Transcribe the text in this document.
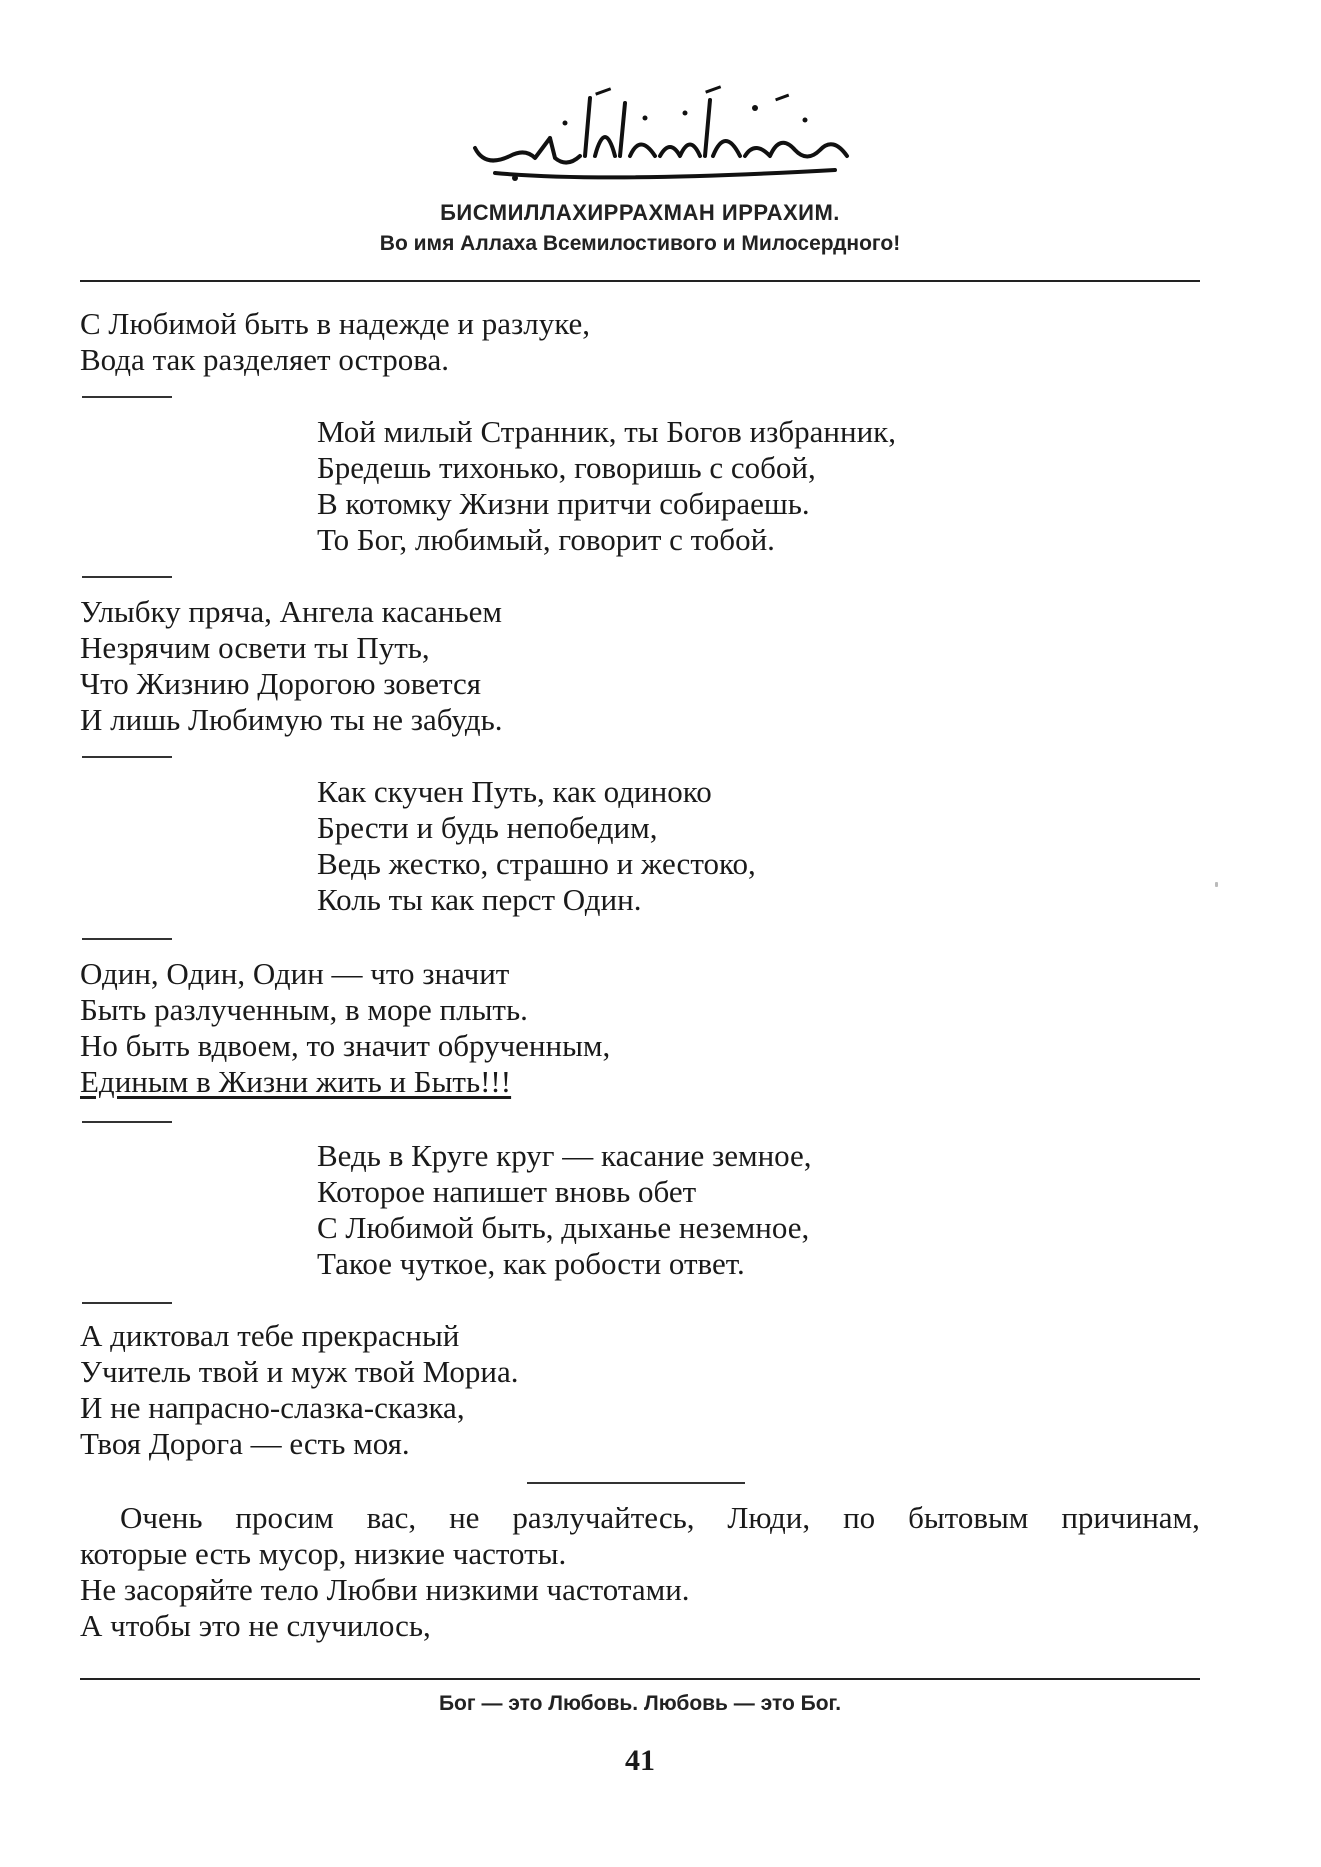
БИСМИЛЛАХИРРАХМАН ИРРАХИМ.
Во имя Аллаха Всемилостивого и Милосердного!
С Любимой быть в надежде и разлуке,
Вода так разделяет острова.
Мой милый Странник, ты Богов избранник,
Бредешь тихонько, говоришь с собой,
В котомку Жизни притчи собираешь.
То Бог, любимый, говорит с тобой.
Улыбку пряча, Ангела касаньем
Незрячим освети ты Путь,
Что Жизнию Дорогою зовется
И лишь Любимую ты не забудь.
Как скучен Путь, как одиноко
Брести и будь непобедим,
Ведь жестко, страшно и жестоко,
Коль ты как перст Один.
Один, Один, Один — что значит
Быть разлученным, в море плыть.
Но быть вдвоем, то значит обрученным,
Единым в Жизни жить и Быть!!!
Ведь в Круге круг — касание земное,
Которое напишет вновь обет
С Любимой быть, дыханье неземное,
Такое чуткое, как робости ответ.
А диктовал тебе прекрасный
Учитель твой и муж твой Мориа.
И не напрасно-слазка-сказка,
Твоя Дорога — есть моя.
Очень просим вас, не разлучайтесь, Люди, по бытовым причинам,
которые есть мусор, низкие частоты.
Не засоряйте тело Любви низкими частотами.
А чтобы это не случилось,
Бог — это Любовь. Любовь — это Бог.
41
